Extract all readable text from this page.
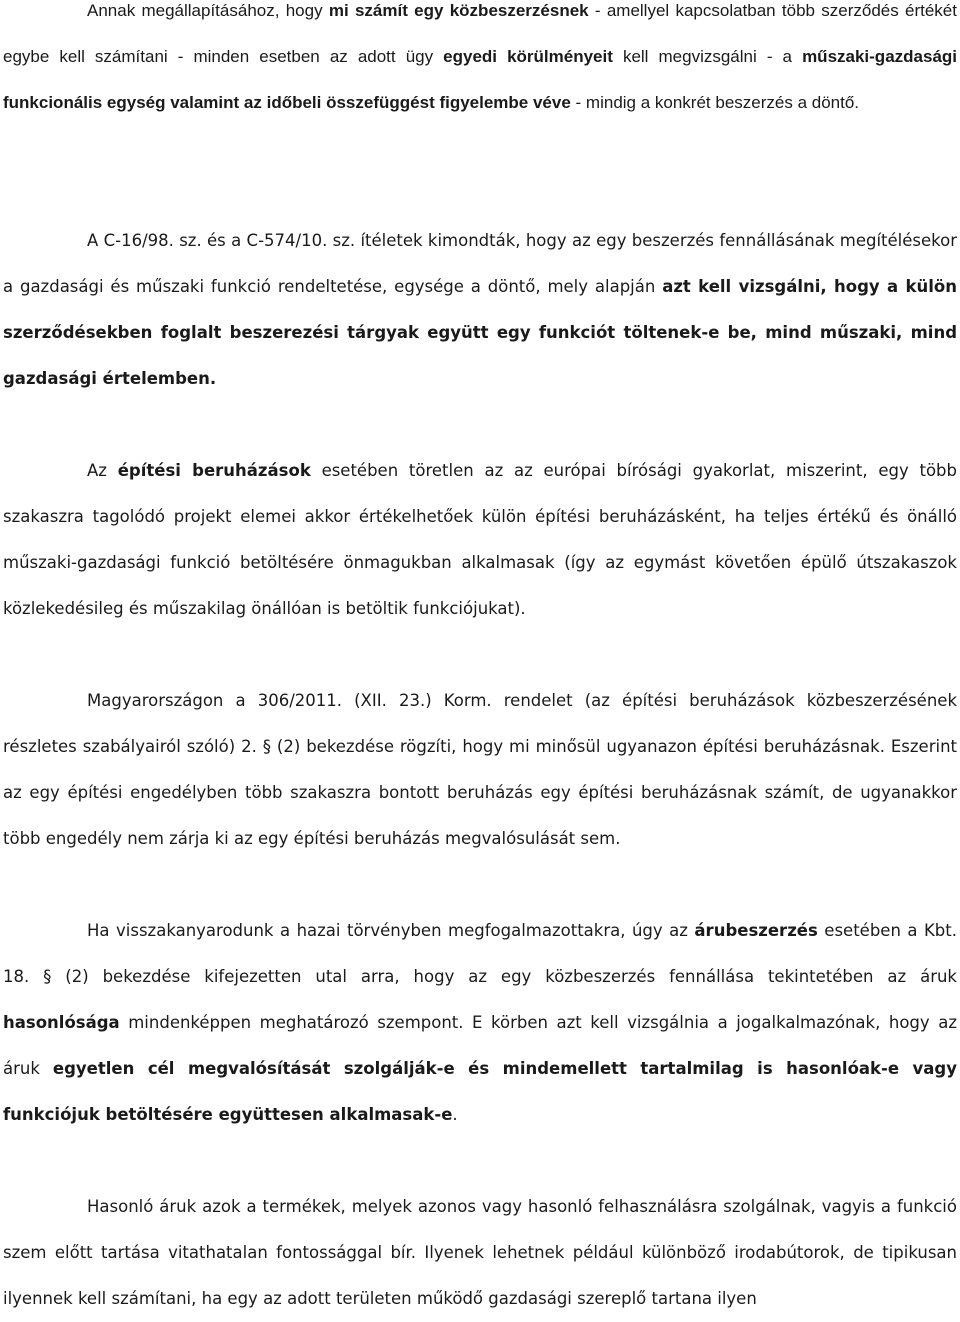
Annak megállapításához, hogy mi számít egy közbeszerzésnek - amellyel kapcsolatban több szerződés értékét egybe kell számítani - minden esetben az adott ügy egyedi körülményeit kell megvizsgálni - a műszaki-gazdasági funkcionális egység valamint az időbeli összefüggést figyelembe véve - mindig a konkrét beszerzés a döntő.

A C-16/98. sz. és a C-574/10. sz. ítéletek kimondták, hogy az egy beszerzés fennállásának megítélésekor a gazdasági és műszaki funkció rendeltetése, egysége a döntő, mely alapján azt kell vizsgálni, hogy a külön szerződésekben foglalt beszerezési tárgyak együtt egy funkciót töltenek-e be, mind műszaki, mind gazdasági értelemben.

Az építési beruházások esetében töretlen az az európai bírósági gyakorlat, miszerint, egy több szakaszra tagolódó projekt elemei akkor értékelhetőek külön építési beruházásként, ha teljes értékű és önálló műszaki-gazdasági funkció betöltésére önmagukban alkalmasak (így az egymást követően épülő útszakaszok közlekedésileg és műszakilag önállóan is betöltik funkciójukat).

Magyarországon a 306/2011. (XII. 23.) Korm. rendelet (az építési beruházások közbeszerzésének részletes szabályairól szóló) 2. § (2) bekezdése rögzíti, hogy mi minősül ugyanazon építési beruházásnak. Eszerint az egy építési engedélyben több szakaszra bontott beruházás egy építési beruházásnak számít, de ugyanakkor több engedély nem zárja ki az egy építési beruházás megvalósulását sem.

Ha visszakanyarodunk a hazai törvényben megfogalmazottakra, úgy az árubeszerzés esetében a Kbt. 18. § (2) bekezdése kifejezetten utal arra, hogy az egy közbeszerzés fennállása tekintetében az áruk hasonlósága mindenképpen meghatározó szempont. E körben azt kell vizsgálnia a jogalkalmazónak, hogy az áruk egyetlen cél megvalósítását szolgálják-e és mindemellett tartalmilag is hasonlóak-e vagy funkciójuk betöltésére együttesen alkalmasak-e.

Hasonló áruk azok a termékek, melyek azonos vagy hasonló felhasználásra szolgálnak, vagyis a funkció szem előtt tartása vitathatalan fontossággal bír. Ilyenek lehetnek például különböző irodabútorok, de tipikusan ilyennek kell számítani, ha egy az adott területen működő gazdasági szereplő tartana ilyen
